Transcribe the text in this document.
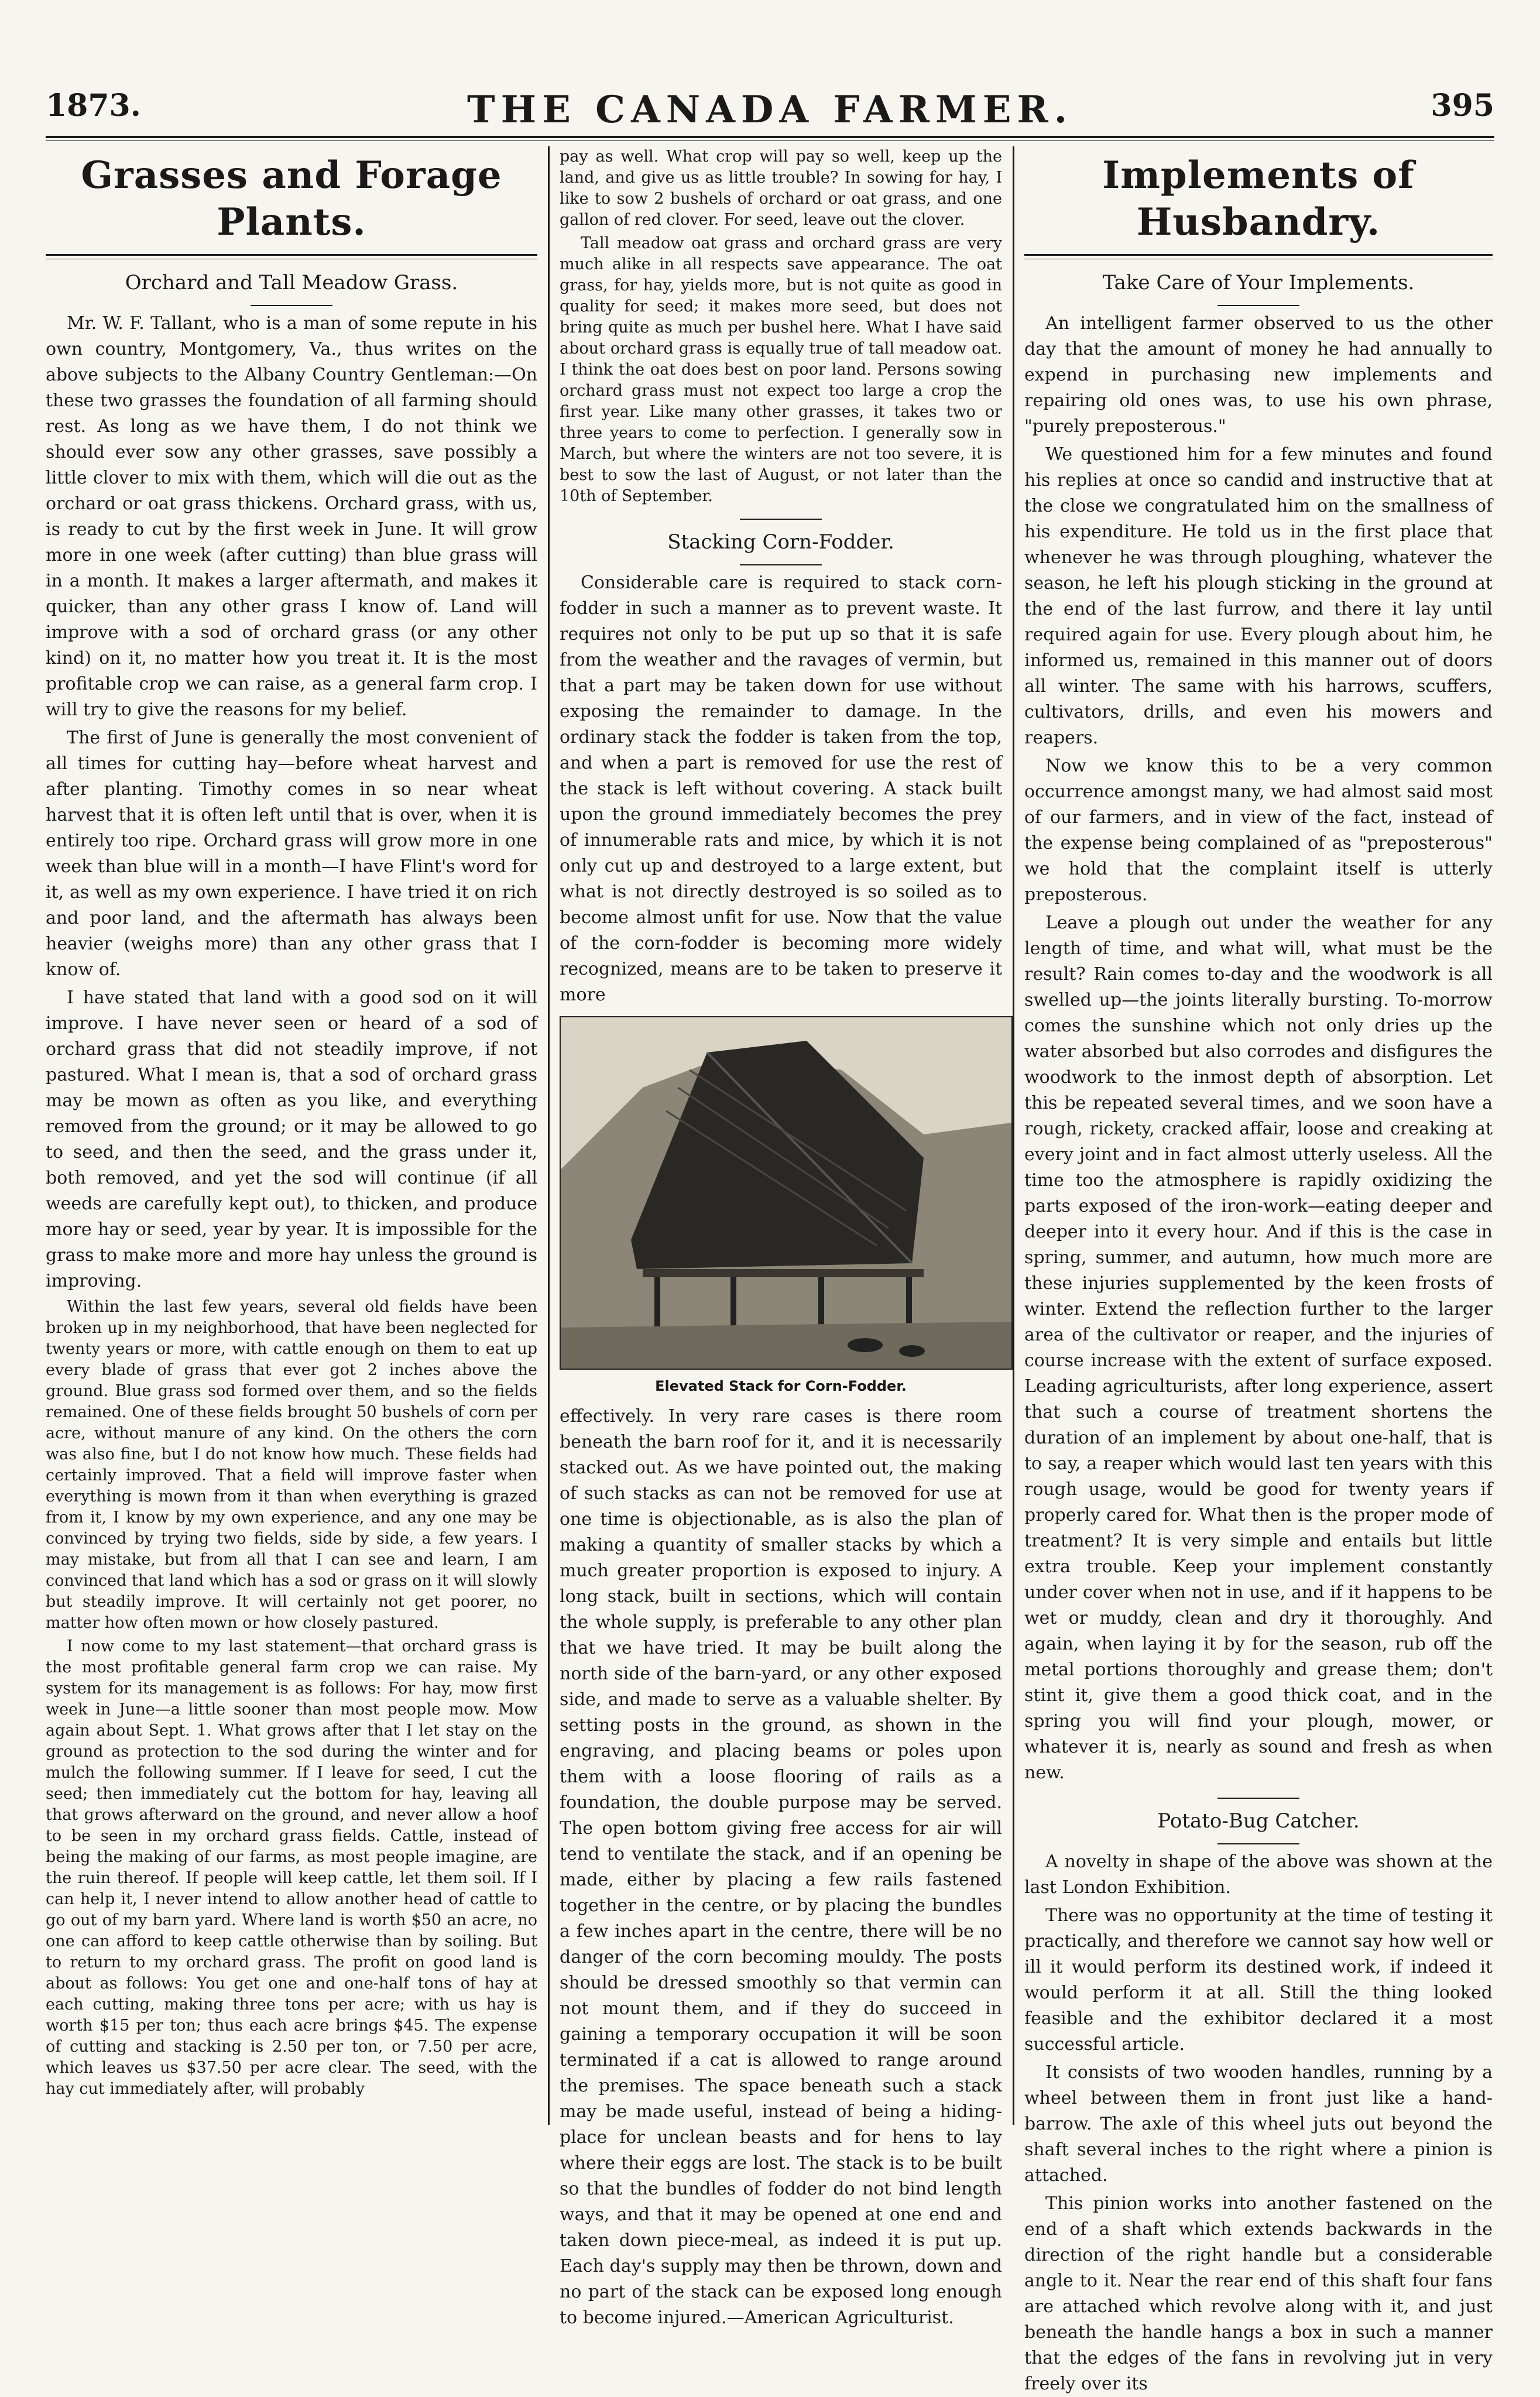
1873.	THE CANADA FARMER.	395
Grasses and Forage Plants.
Orchard and Tall Meadow Grass.

Mr. W. F. Tallant, who is a man of some repute in his own country, Montgomery, Va., thus writes on the above subjects to the Albany Country Gentleman:—On these two grasses the foundation of all farming should rest. As long as we have them, I do not think we should ever sow any other grasses, save possibly a little clover to mix with them, which will die out as the orchard or oat grass thickens. Orchard grass, with us, is ready to cut by the first week in June. It will grow more in one week (after cutting) than blue grass will in a month. It makes a larger aftermath, and makes it quicker, than any other grass I know of. Land will improve with a sod of orchard grass (or any other kind) on it, no matter how you treat it. It is the most profitable crop we can raise, as a general farm crop. I will try to give the reasons for my belief.

The first of June is generally the most convenient of all times for cutting hay—before wheat harvest and after planting. Timothy comes in so near wheat harvest that it is often left until that is over, when it is entirely too ripe. Orchard grass will grow more in one week than blue will in a month—I have Flint's word for it, as well as my own experience. I have tried it on rich and poor land, and the aftermath has always been heavier (weighs more) than any other grass that I know of.

I have stated that land with a good sod on it will improve. I have never seen or heard of a sod of orchard grass that did not steadily improve, if not pastured. What I mean is, that a sod of orchard grass may be mown as often as you like, and everything removed from the ground; or it may be allowed to go to seed, and then the seed, and the grass under it, both removed, and yet the sod will continue (if all weeds are carefully kept out), to thicken, and produce more hay or seed, year by year. It is impossible for the grass to make more and more hay unless the ground is improving.

Within the last few years, several old fields have been broken up in my neighborhood, that have been neglected for twenty years or more, with cattle enough on them to eat up every blade of grass that ever got 2 inches above the ground. Blue grass sod formed over them, and so the fields remained. One of these fields brought 50 bushels of corn per acre, without manure of any kind. On the others the corn was also fine, but I do not know how much. These fields had certainly improved. That a field will improve faster when everything is mown from it than when everything is grazed from it, I know by my own experience, and any one may be convinced by trying two fields, side by side, a few years. I may mistake, but from all that I can see and learn, I am convinced that land which has a sod or grass on it will slowly but steadily improve. It will certainly not get poorer, no matter how often mown or how closely pastured.

I now come to my last statement—that orchard grass is the most profitable general farm crop we can raise. My system for its management is as follows: For hay, mow first week in June—a little sooner than most people mow. Mow again about Sept. 1. What grows after that I let stay on the ground as protection to the sod during the winter and for mulch the following summer. If I leave for seed, I cut the seed; then immediately cut the bottom for hay, leaving all that grows afterward on the ground, and never allow a hoof to be seen in my orchard grass fields. Cattle, instead of being the making of our farms, as most people imagine, are the ruin thereof. If people will keep cattle, let them soil. If I can help it, I never intend to allow another head of cattle to go out of my barn yard. Where land is worth $50 an acre, no one can afford to keep cattle otherwise than by soiling. But to return to my orchard grass. The profit on good land is about as follows: You get one and one-half tons of hay at each cutting, making three tons per acre; with us hay is worth $15 per ton; thus each acre brings $45. The expense of cutting and stacking is 2.50 per ton, or 7.50 per acre, which leaves us $37.50 per acre clear. The seed, with the hay cut immediately after, will probably

pay as well. What crop will pay so well, keep up the land, and give us as little trouble? In sowing for hay, I like to sow 2 bushels of orchard or oat grass, and one gallon of red clover. For seed, leave out the clover.

Tall meadow oat grass and orchard grass are very much alike in all respects save appearance. The oat grass, for hay, yields more, but is not quite as good in quality for seed; it makes more seed, but does not bring quite as much per bushel here. What I have said about orchard grass is equally true of tall meadow oat. I think the oat does best on poor land. Persons sowing orchard grass must not expect too large a crop the first year. Like many other grasses, it takes two or three years to come to perfection. I generally sow in March, but where the winters are not too severe, it is best to sow the last of August, or not later than the 10th of September.

Stacking Corn-Fodder.

Considerable care is required to stack corn-fodder in such a manner as to prevent waste. It requires not only to be put up so that it is safe from the weather and the ravages of vermin, but that a part may be taken down for use without exposing the remainder to damage. In the ordinary stack the fodder is taken from the top, and when a part is removed for use the rest of the stack is left without covering. A stack built upon the ground immediately becomes the prey of innumerable rats and mice, by which it is not only cut up and destroyed to a large extent, but what is not directly destroyed is so soiled as to become almost unfit for use. Now that the value of the corn-fodder is becoming more widely recognized, means are to be taken to preserve it more

Elevated Stack for Corn-Fodder.

effectively. In very rare cases is there room beneath the barn roof for it, and it is necessarily stacked out. As we have pointed out, the making of such stacks as can not be removed for use at one time is objectionable, as is also the plan of making a quantity of smaller stacks by which a much greater proportion is exposed to injury. A long stack, built in sections, which will contain the whole supply, is preferable to any other plan that we have tried. It may be built along the north side of the barn-yard, or any other exposed side, and made to serve as a valuable shelter. By setting posts in the ground, as shown in the engraving, and placing beams or poles upon them with a loose flooring of rails as a foundation, the double purpose may be served. The open bottom giving free access for air will tend to ventilate the stack, and if an opening be made, either by placing a few rails fastened together in the centre, or by placing the bundles a few inches apart in the centre, there will be no danger of the corn becoming mouldy. The posts should be dressed smoothly so that vermin can not mount them, and if they do succeed in gaining a temporary occupation it will be soon terminated if a cat is allowed to range around the premises. The space beneath such a stack may be made useful, instead of being a hiding-place for unclean beasts and for hens to lay where their eggs are lost. The stack is to be built so that the bundles of fodder do not bind length ways, and that it may be opened at one end and taken down piece-meal, as indeed it is put up. Each day's supply may then be thrown, down and no part of the stack can be exposed long enough to become injured.—American Agriculturist.

Implements of Husbandry.
Take Care of Your Implements.

An intelligent farmer observed to us the other day that the amount of money he had annually to expend in purchasing new implements and repairing old ones was, to use his own phrase, "purely preposterous."

We questioned him for a few minutes and found his replies at once so candid and instructive that at the close we congratulated him on the smallness of his expenditure. He told us in the first place that whenever he was through ploughing, whatever the season, he left his plough sticking in the ground at the end of the last furrow, and there it lay until required again for use. Every plough about him, he informed us, remained in this manner out of doors all winter. The same with his harrows, scuffers, cultivators, drills, and even his mowers and reapers.

Now we know this to be a very common occurrence amongst many, we had almost said most of our farmers, and in view of the fact, instead of the expense being complained of as "preposterous" we hold that the complaint itself is utterly preposterous.

Leave a plough out under the weather for any length of time, and what will, what must be the result? Rain comes to-day and the woodwork is all swelled up—the joints literally bursting. To-morrow comes the sunshine which not only dries up the water absorbed but also corrodes and disfigures the woodwork to the inmost depth of absorption. Let this be repeated several times, and we soon have a rough, rickety, cracked affair, loose and creaking at every joint and in fact almost utterly useless. All the time too the atmosphere is rapidly oxidizing the parts exposed of the iron-work—eating deeper and deeper into it every hour. And if this is the case in spring, summer, and autumn, how much more are these injuries supplemented by the keen frosts of winter. Extend the reflection further to the larger area of the cultivator or reaper, and the injuries of course increase with the extent of surface exposed. Leading agriculturists, after long experience, assert that such a course of treatment shortens the duration of an implement by about one-half, that is to say, a reaper which would last ten years with this rough usage, would be good for twenty years if properly cared for. What then is the proper mode of treatment? It is very simple and entails but little extra trouble. Keep your implement constantly under cover when not in use, and if it happens to be wet or muddy, clean and dry it thoroughly. And again, when laying it by for the season, rub off the metal portions thoroughly and grease them; don't stint it, give them a good thick coat, and in the spring you will find your plough, mower, or whatever it is, nearly as sound and fresh as when new.

Potato-Bug Catcher.

A novelty in shape of the above was shown at the last London Exhibition.

There was no opportunity at the time of testing it practically, and therefore we cannot say how well or ill it would perform its destined work, if indeed it would perform it at all. Still the thing looked feasible and the exhibitor declared it a most successful article.

It consists of two wooden handles, running by a wheel between them in front just like a hand-barrow. The axle of this wheel juts out beyond the shaft several inches to the right where a pinion is attached.

This pinion works into another fastened on the end of a shaft which extends backwards in the direction of the right handle but a considerable angle to it. Near the rear end of this shaft four fans are attached which revolve along with it, and just beneath the handle hangs a box in such a manner that the edges of the fans in revolving jut in very freely over its
